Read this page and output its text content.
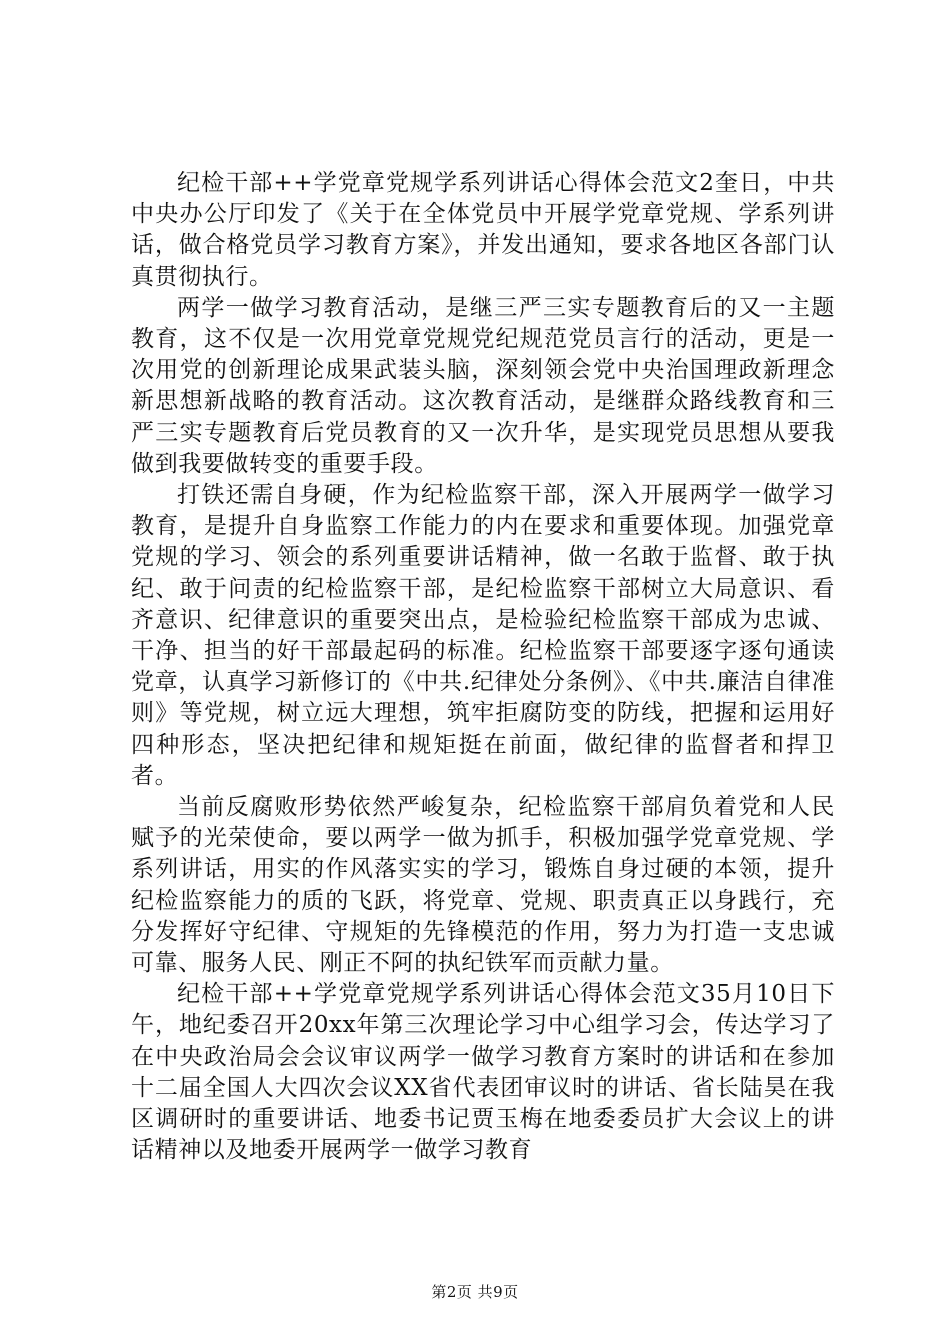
纪检干部++学党章党规学系列讲话心得体会范文2奎日，中共中央办公厅印发了《关于在全体党员中开展学党章党规、学系列讲话，做合格党员学习教育方案》，并发出通知，要求各地区各部门认真贯彻执行。

两学一做学习教育活动，是继三严三实专题教育后的又一主题教育，这不仅是一次用党章党规党纪规范党员言行的活动，更是一次用党的创新理论成果武装头脑，深刻领会党中央治国理政新理念新思想新战略的教育活动。这次教育活动，是继群众路线教育和三严三实专题教育后党员教育的又一次升华，是实现党员思想从要我做到我要做转变的重要手段。

打铁还需自身硬，作为纪检监察干部，深入开展两学一做学习教育，是提升自身监察工作能力的内在要求和重要体现。加强党章党规的学习、领会的系列重要讲话精神，做一名敢于监督、敢于执纪、敢于问责的纪检监察干部，是纪检监察干部树立大局意识、看齐意识、纪律意识的重要突出点，是检验纪检监察干部成为忠诚、干净、担当的好干部最起码的标准。纪检监察干部要逐字逐句通读党章，认真学习新修订的《中共.纪律处分条例》、《中共.廉洁自律准则》等党规，树立远大理想，筑牢拒腐防变的防线，把握和运用好四种形态，坚决把纪律和规矩挺在前面，做纪律的监督者和捍卫者。

当前反腐败形势依然严峻复杂，纪检监察干部肩负着党和人民赋予的光荣使命，要以两学一做为抓手，积极加强学党章党规、学系列讲话，用实的作风落实实的学习，锻炼自身过硬的本领，提升纪检监察能力的质的飞跃，将党章、党规、职责真正以身践行，充分发挥好守纪律、守规矩的先锋模范的作用，努力为打造一支忠诚可靠、服务人民、刚正不阿的执纪铁军而贡献力量。

纪检干部++学党章党规学系列讲话心得体会范文35月10日下午，地纪委召开20xx年第三次理论学习中心组学习会，传达学习了在中央政治局会会议审议两学一做学习教育方案时的讲话和在参加十二届全国人大四次会议XX省代表团审议时的讲话、省长陆昊在我区调研时的重要讲话、地委书记贾玉梅在地委委员扩大会议上的讲话精神以及地委开展两学一做学习教育

第2页 共9页
